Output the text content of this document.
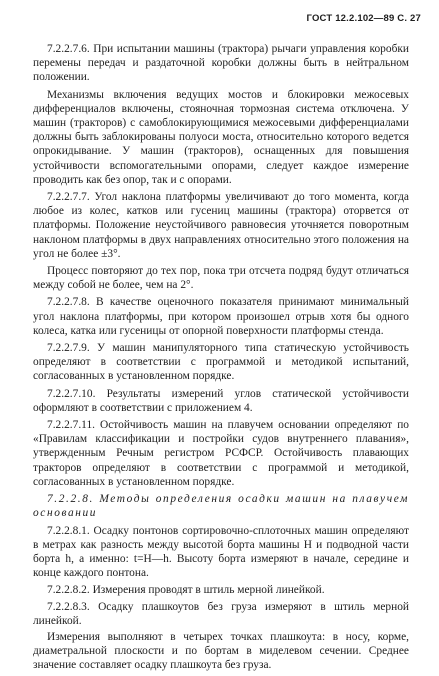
ГОСТ 12.2.102—89 С. 27

7.2.2.7.6. При испытании машины (трактора) рычаги управления коробки перемены передач и раздаточной коробки должны быть в нейтральном положении.

Механизмы включения ведущих мостов и блокировки межосевых дифференциалов включены, стояночная тормозная система отключена. У машин (тракторов) с самоблокирующимися межосевыми дифференциалами должны быть заблокированы полуоси моста, относительно которого ведется опрокидывание. У машин (тракторов), оснащенных для повышения устойчивости вспомогательными опорами, следует каждое измерение проводить как без опор, так и с опорами.

7.2.2.7.7. Угол наклона платформы увеличивают до того момента, когда любое из колес, катков или гусениц машины (трактора) оторвется от платформы. Положение неустойчивого равновесия уточняется поворотным наклоном платформы в двух направлениях относительно этого положения на угол не более ±3°.

Процесс повторяют до тех пор, пока три отсчета подряд будут отличаться между собой не более, чем на 2°.

7.2.2.7.8. В качестве оценочного показателя принимают минимальный угол наклона платформы, при котором произошел отрыв хотя бы одного колеса, катка или гусеницы от опорной поверхности платформы стенда.

7.2.2.7.9. У машин манипуляторного типа статическую устойчивость определяют в соответствии с программой и методикой испытаний, согласованных в установленном порядке.

7.2.2.7.10. Результаты измерений углов статической устойчивости оформляют в соответствии с приложением 4.

7.2.2.7.11. Остойчивость машин на плавучем основании определяют по «Правилам классификации и постройки судов внутреннего плавания», утвержденным Речным регистром РСФСР. Остойчивость плавающих тракторов определяют в соответствии с программой и методикой, согласованных в установленном порядке.

7.2.2.8. Методы определения осадки машин на плавучем основании

7.2.2.8.1. Осадку понтонов сортировочно-сплоточных машин определяют в метрах как разность между высотой борта машины H и подводной части борта h, а именно: t=H—h. Высоту борта измеряют в начале, середине и конце каждого понтона.

7.2.2.8.2. Измерения проводят в штиль мерной линейкой.

7.2.2.8.3. Осадку плашкоутов без груза измеряют в штиль мерной линейкой.

Измерения выполняют в четырех точках плашкоута: в носу, корме, диаметральной плоскости и по бортам в миделевом сечении. Среднее значение составляет осадку плашкоута без груза.
